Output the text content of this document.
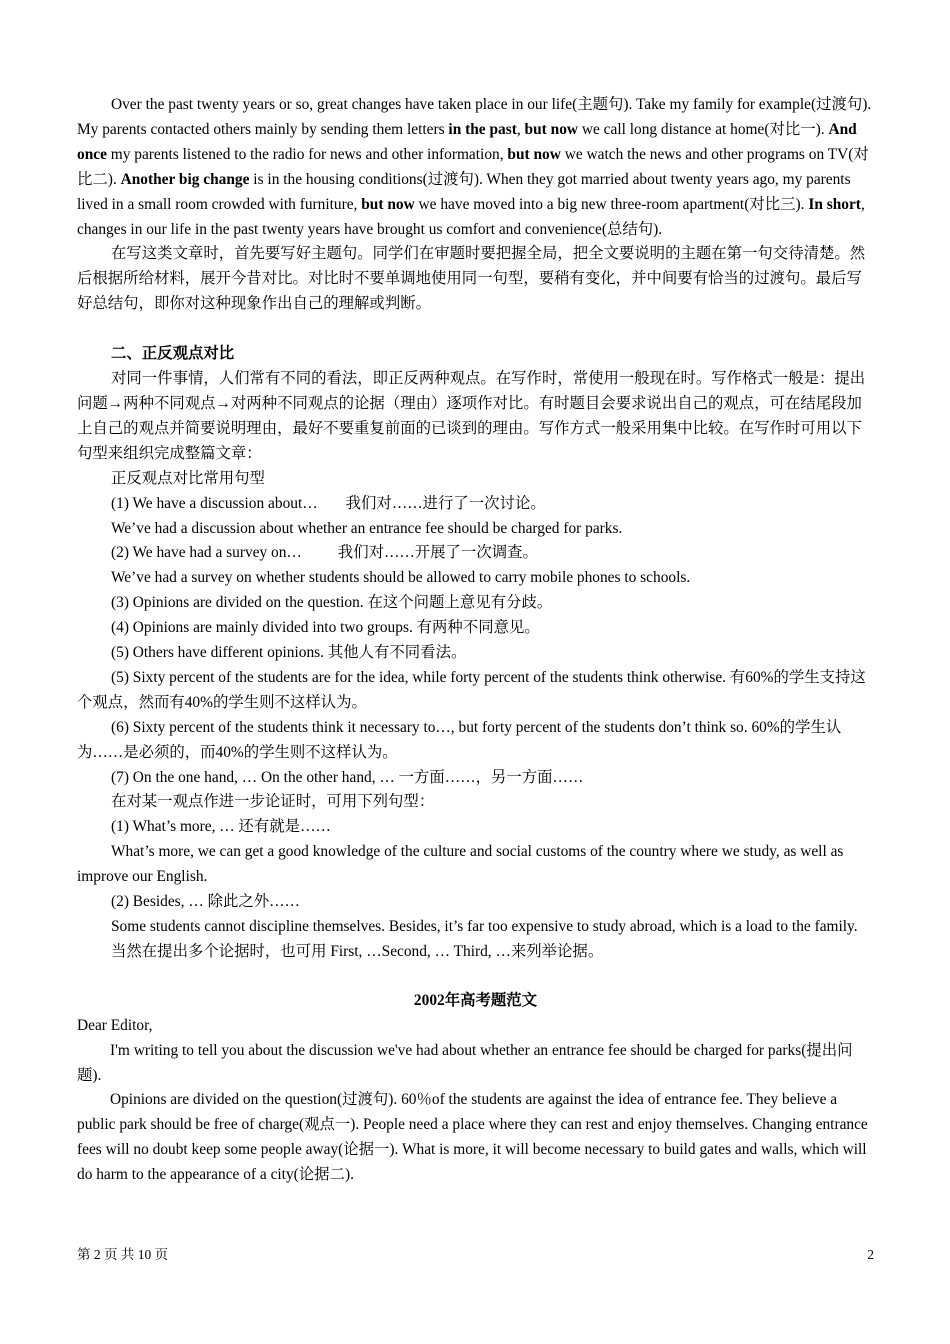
Over the past twenty years or so, great changes have taken place in our life(主题句). Take my family for example(过渡句). My parents contacted others mainly by sending them letters in the past, but now we call long distance at home(对比一). And once my parents listened to the radio for news and other information, but now we watch the news and other programs on TV(对比二). Another big change is in the housing conditions(过渡句). When they got married about twenty years ago, my parents lived in a small room crowded with furniture, but now we have moved into a big new three-room apartment(对比三). In short, changes in our life in the past twenty years have brought us comfort and convenience(总结句).

在写这类文章时，首先要写好主题句。同学们在审题时要把握全局，把全文要说明的主题在第一句交待清楚。然后根据所给材料，展开今昔对比。对比时不要单调地使用同一句型，要稍有变化，并中间要有恰当的过渡句。最后写好总结句，即你对这种现象作出自己的理解或判断。

二、正反观点对比

对同一件事情，人们常有不同的看法，即正反两种观点。在写作时，常使用一般现在时。写作格式一般是：提出问题→两种不同观点→对两种不同观点的论据（理由）逐项作对比。有时题目会要求说出自己的观点，可在结尾段加上自己的观点并简要说明理由，最好不要重复前面的已谈到的理由。写作方式一般采用集中比较。在写作时可用以下句型来组织完成整篇文章：

正反观点对比常用句型

(1) We have a discussion about… 我们对……进行了一次讨论。

We’ve had a discussion about whether an entrance fee should be charged for parks.

(2) We have had a survey on… 我们对……开展了一次调查。

We’ve had a survey on whether students should be allowed to carry mobile phones to schools.

(3) Opinions are divided on the question. 在这个问题上意见有分歧。

(4) Opinions are mainly divided into two groups. 有两种不同意见。

(5) Others have different opinions. 其他人有不同看法。

(5) Sixty percent of the students are for the idea, while forty percent of the students think otherwise. 有60%的学生支持这个观点，然而有40%的学生则不这样认为。

(6) Sixty percent of the students think it necessary to…, but forty percent of the students don’t think so. 60%的学生认为……是必须的，而40%的学生则不这样认为。

(7) On the one hand, … On the other hand, … 一方面……，另一方面……

在对某一观点作进一步论证时，可用下列句型：

(1) What’s more, … 还有就是……

What’s more, we can get a good knowledge of the culture and social customs of the country where we study, as well as improve our English.

(2) Besides, … 除此之外……

Some students cannot discipline themselves. Besides, it’s far too expensive to study abroad, which is a load to the family.

当然在提出多个论据时，也可用 First, …Second, … Third, …来列举论据。

2002年高考题范文

Dear Editor,

I'm writing to tell you about the discussion we've had about whether an entrance fee should be charged for parks(提出问题).

Opinions are divided on the question(过渡句). 60％of the students are against the idea of entrance fee. They believe a public park should be free of charge(观点一). People need a place where they can rest and enjoy themselves. Changing entrance fees will no doubt keep some people away(论据一). What is more, it will become necessary to build gates and walls, which will do harm to the appearance of a city(论据二).

第 2 页 共 10 页	2
